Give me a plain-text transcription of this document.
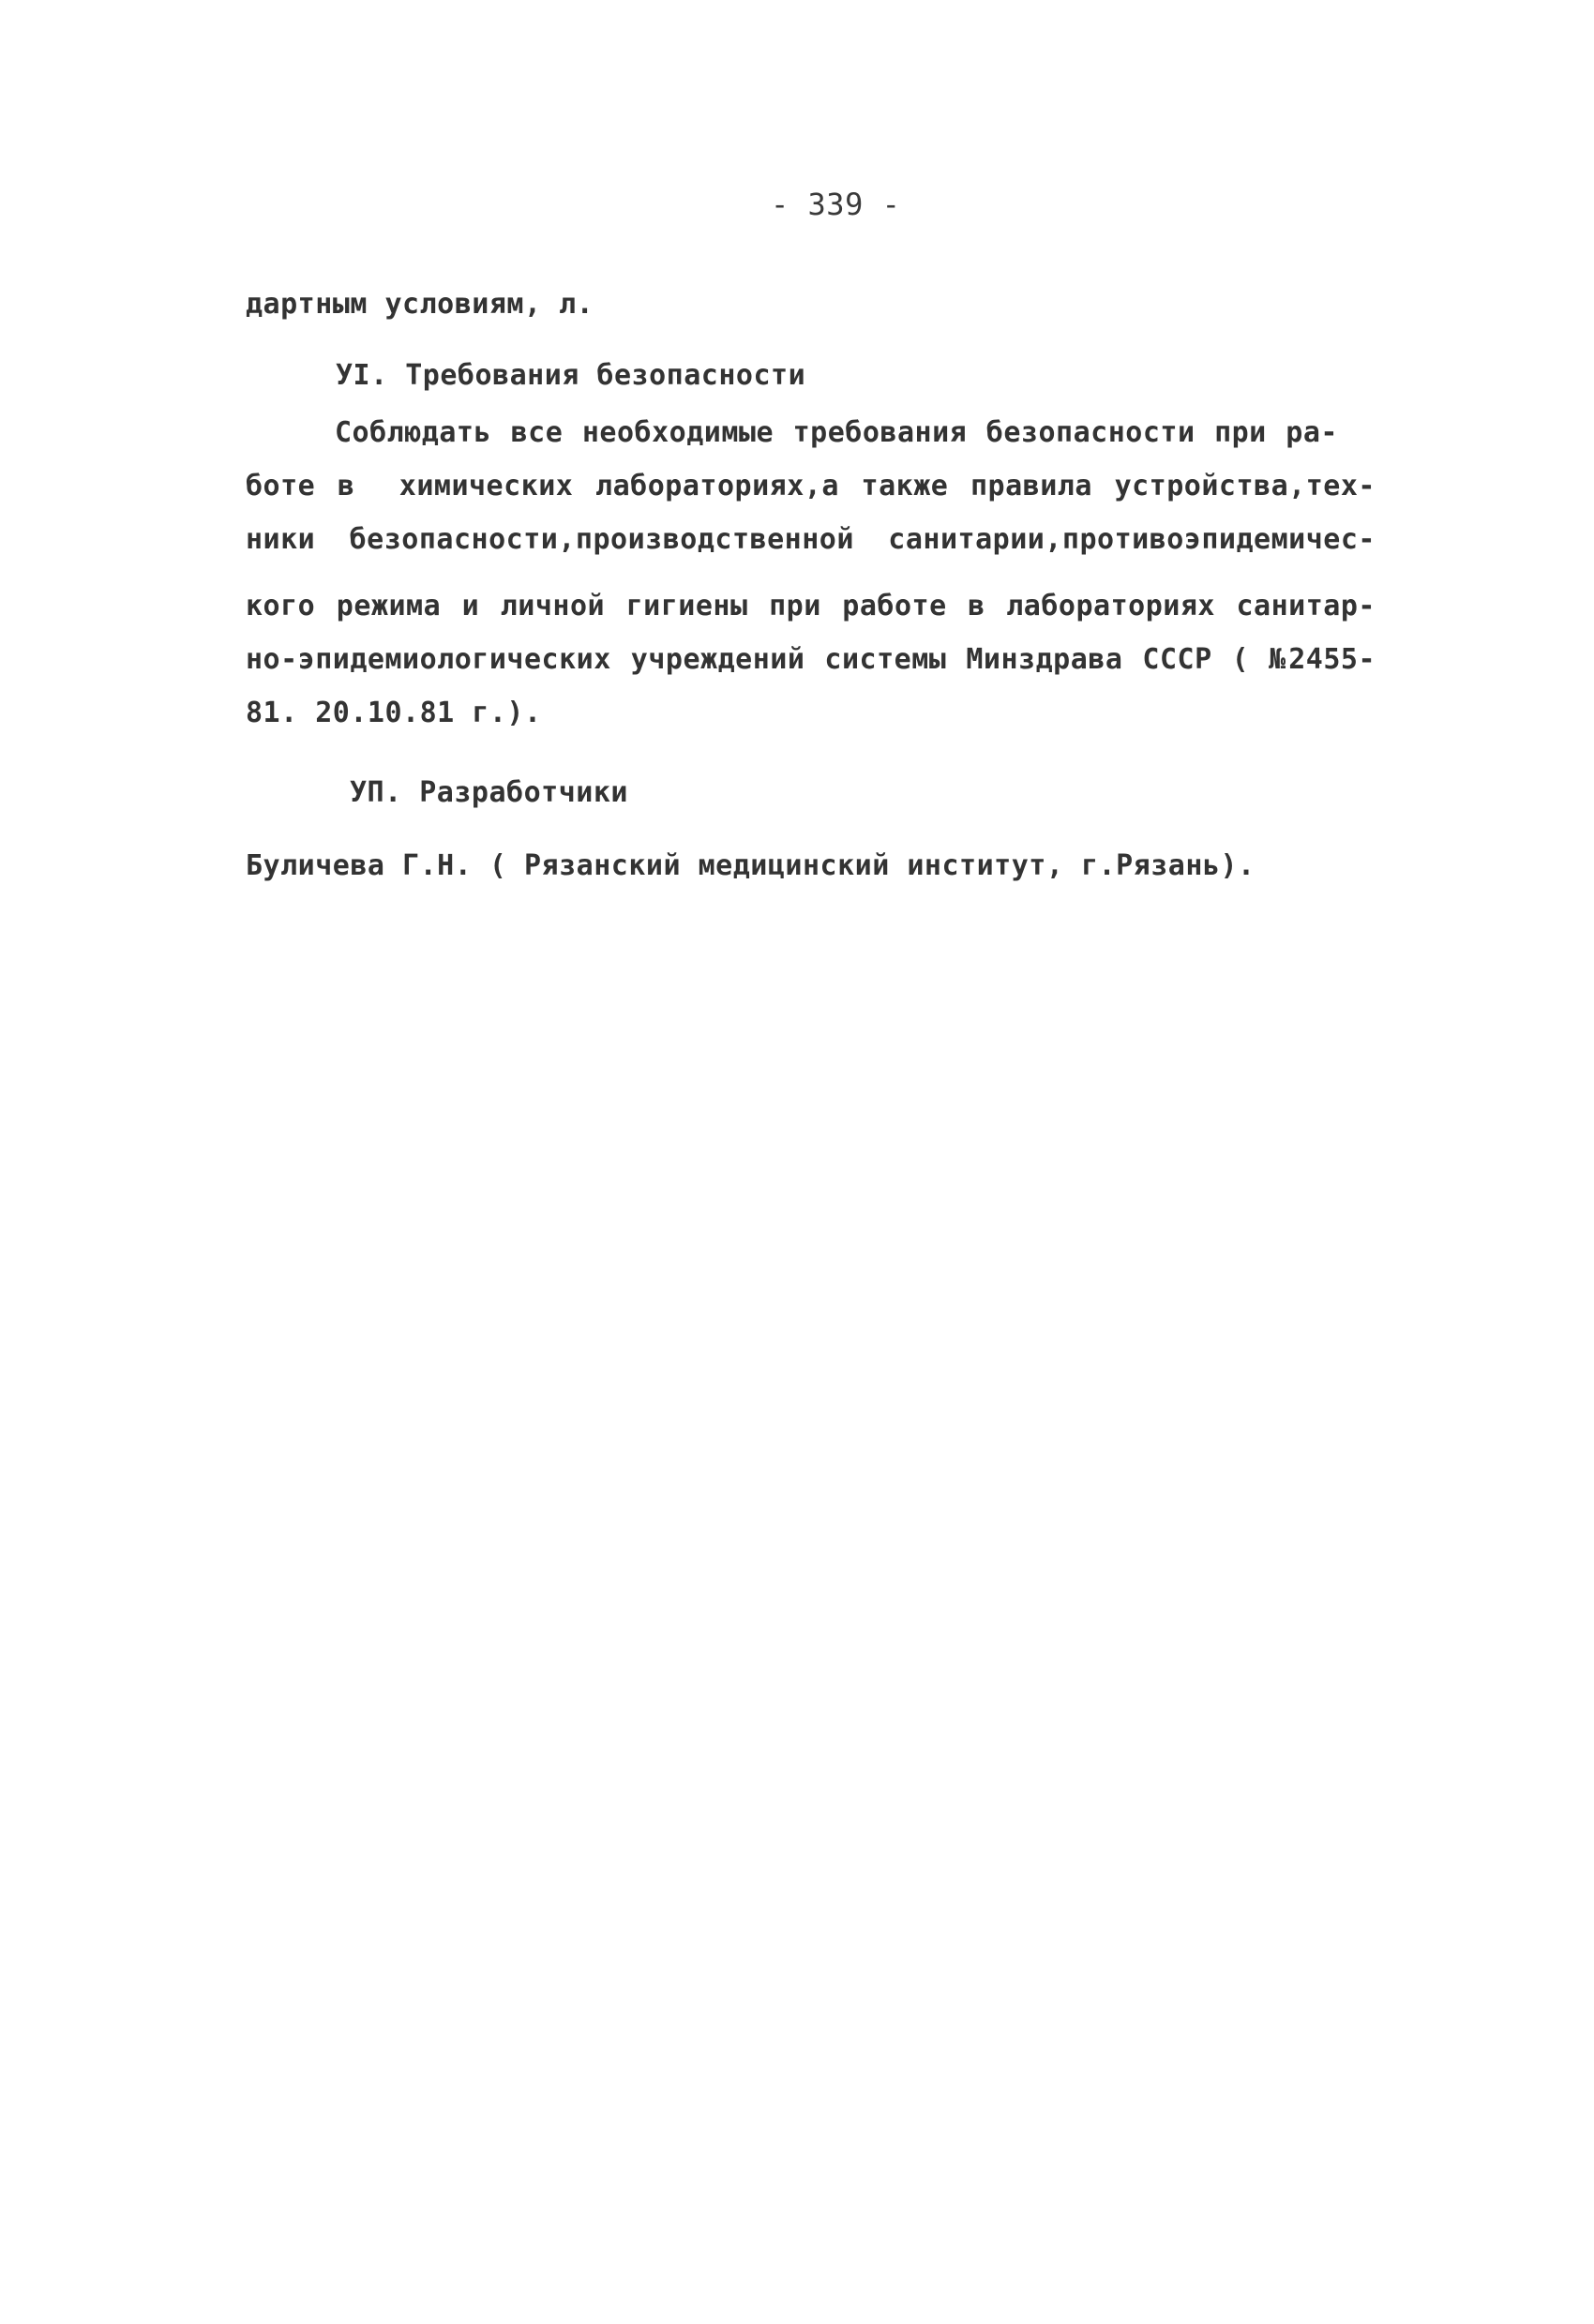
- 339 -
дартным условиям, л.
УI. Требования безопасности
Соблюдать все необходимые требования безопасности при ра-
боте в  химических лабораториях,а также правила устройства,тех-
ники безопасности,производственной санитарии,противоэпидемичес-
кого режима и личной гигиены при работе в лабораториях санитар-
но-эпидемиологических учреждений системы Минздрава СССР ( №2455-
81. 20.10.81 г.).
УП. Разработчики
Буличева Г.Н. ( Рязанский медицинский институт, г.Рязань).
